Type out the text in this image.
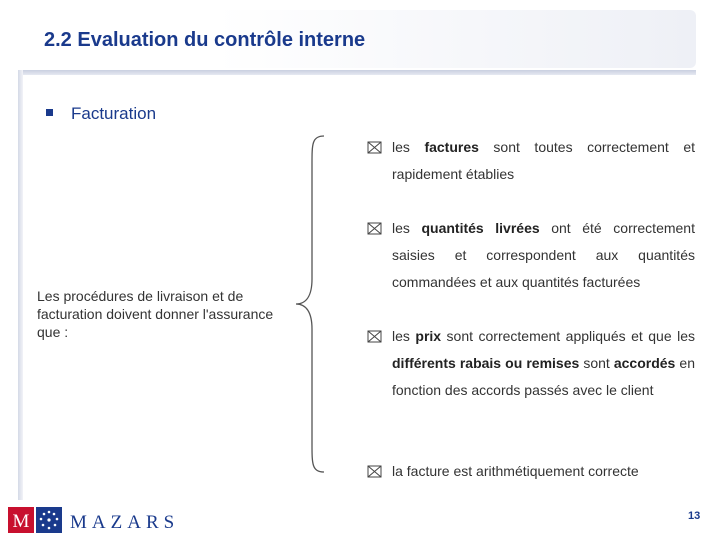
2.2 Evaluation du contrôle interne
Facturation
Les procédures de livraison et de facturation doivent donner l'assurance que :
les factures sont toutes correctement et rapidement établies
les quantités livrées ont été correctement saisies et correspondent aux quantités commandées et aux quantités facturées
les prix sont correctement appliqués et que les différents rabais ou remises sont accordés en fonction des accords passés avec le client
la facture est arithmétiquement correcte
M MAZARS	13
